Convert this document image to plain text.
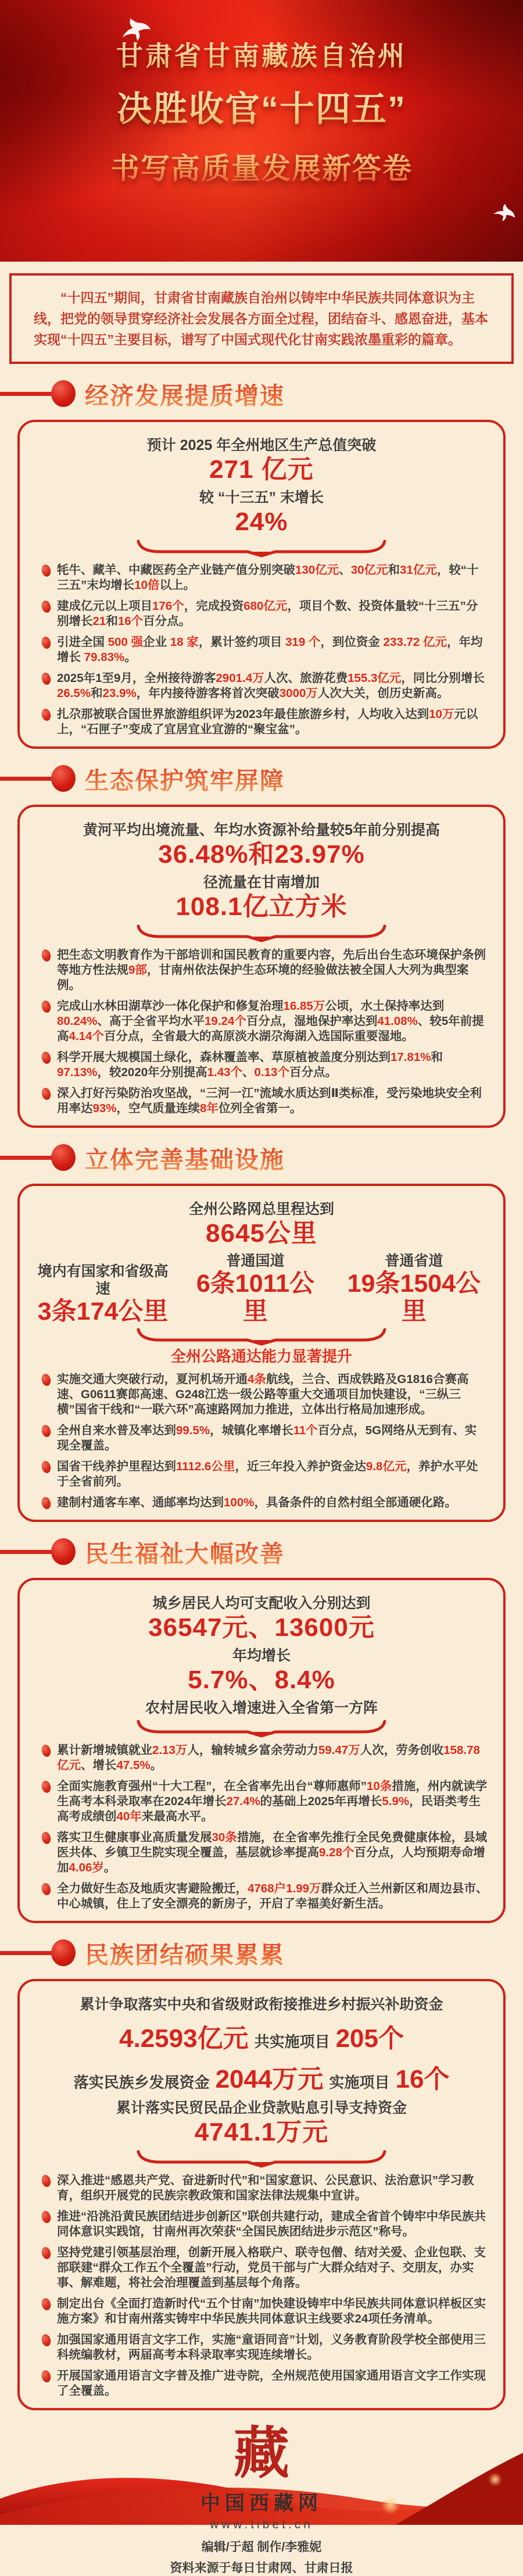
甘肃省甘南藏族自治州
决胜收官“十四五”
书写高质量发展新答卷

“十四五”期间，甘肃省甘南藏族自治州以铸牢中华民族共同体意识为主线，把党的领导贯穿经济社会发展各方面全过程，团结奋斗、感恩奋进，基本实现“十四五”主要目标，谱写了中国式现代化甘南实践浓墨重彩的篇章。

经济发展提质增速
预计 2025 年全州地区生产总值突破
271 亿元
较 “十三五” 末增长
24%

牦牛、藏羊、中藏医药全产业链产值分别突破130亿元、30亿元和31亿元，较“十三五”末均增长10倍以上。

建成亿元以上项目176个，完成投资680亿元，项目个数、投资体量较“十三五”分别增长21和16个百分点。

引进全国 500 强企业 18 家，累计签约项目 319 个，到位资金 233.72 亿元，年均增长 79.83%。

2025年1至9月，全州接待游客2901.4万人次、旅游花费155.3亿元，同比分别增长26.5%和23.9%，年内接待游客将首次突破3000万人次大关，创历史新高。

扎尕那被联合国世界旅游组织评为2023年最佳旅游乡村，人均收入达到10万元以上，“石匣子”变成了宜居宜业宜游的“聚宝盆”。

生态保护筑牢屏障
黄河平均出境流量、年均水资源补给量较5年前分别提高
36.48%和23.97%
径流量在甘南增加
108.1亿立方米

把生态文明教育作为干部培训和国民教育的重要内容，先后出台生态环境保护条例等地方性法规9部，甘南州依法保护生态环境的经验做法被全国人大列为典型案例。

完成山水林田湖草沙一体化保护和修复治理16.85万公顷，水土保持率达到80.24%、高于全省平均水平19.24个百分点，湿地保护率达到41.08%、较5年前提高4.14个百分点，全省最大的高原淡水湖尕海湖入选国际重要湿地。

科学开展大规模国土绿化，森林覆盖率、草原植被盖度分别达到17.81%和97.13%，较2020年分别提高1.43个、0.13个百分点。

深入打好污染防治攻坚战，“三河一江”流域水质达到Ⅱ类标准，受污染地块安全利用率达93%，空气质量连续8年位列全省第一。

立体完善基础设施
全州公路网总里程达到
8645公里
境内有国家和省级高速
3条174公里
普通国道
6条1011公里
普通省道
19条1504公里
全州公路通达能力显著提升

实施交通大突破行动，夏河机场开通4条航线，兰合、西成铁路及G1816合赛高速、G0611赛郎高速、G248江迭一级公路等重大交通项目加快建设，“三纵三横”国省干线和“一联六环”高速路网加力推进，立体出行格局加速形成。

全州自来水普及率达到99.5%，城镇化率增长11个百分点，5G网络从无到有、实现全覆盖。

国省干线养护里程达到1112.6公里，近三年投入养护资金达9.8亿元，养护水平处于全省前列。

建制村通客车率、通邮率均达到100%，具备条件的自然村组全部通硬化路。

民生福祉大幅改善
城乡居民人均可支配收入分别达到
36547元、13600元
年均增长
5.7%、8.4%
农村居民收入增速进入全省第一方阵

累计新增城镇就业2.13万人，输转城乡富余劳动力59.47万人次，劳务创收158.78亿元、增长47.5%。

全面实施教育强州“十大工程”，在全省率先出台“尊师惠师”10条措施，州内就读学生高考本科录取率在2024年增长27.4%的基础上2025年再增长5.9%，民语类考生高考成绩创40年来最高水平。

落实卫生健康事业高质量发展30条措施，在全省率先推行全民免费健康体检，县域医共体、乡镇卫生院实现全覆盖，基层就诊率提高9.28个百分点，人均预期寿命增加4.06岁。

全力做好生态及地质灾害避险搬迁，4768户1.99万群众迁入兰州新区和周边县市、中心城镇，住上了安全漂亮的新房子，开启了幸福美好新生活。

民族团结硕果累累
累计争取落实中央和省级财政衔接推进乡村振兴补助资金
4.2593亿元 共实施项目 205个
落实民族乡发展资金 2044万元 实施项目 16个
累计落实民贸民品企业贷款贴息引导支持资金
4741.1万元

深入推进“感恩共产党、奋进新时代”和“国家意识、公民意识、法治意识”学习教育，组织开展党的民族宗教政策和国家法律法规集中宣讲。

推进“沿洮沿黄民族团结进步创新区”联创共建行动，建成全省首个铸牢中华民族共同体意识实践馆，甘南州再次荣获“全国民族团结进步示范区”称号。

坚持党建引领基层治理，创新开展入格联户、联寺包僧、结对关爱、企业包联、支部联建“群众工作五个全覆盖”行动，党员干部与广大群众结对子、交朋友，办实事、解难题，将社会治理覆盖到基层每个角落。

制定出台《全面打造新时代“五个甘南”加快建设铸牢中华民族共同体意识样板区实施方案》和甘南州落实铸牢中华民族共同体意识主线要求24项任务清单。

加强国家通用语言文字工作，实施“童语同音”计划，义务教育阶段学校全部使用三科统编教材，两届高考本科录取率实现连续增长。

开展国家通用语言文字普及推广进寺院，全州规范使用国家通用语言文字工作实现了全覆盖。

藏
中国西藏网
www.tibet.cn
编辑/于超 制作/李雅妮
资料来源于每日甘肃网、甘肃日报
